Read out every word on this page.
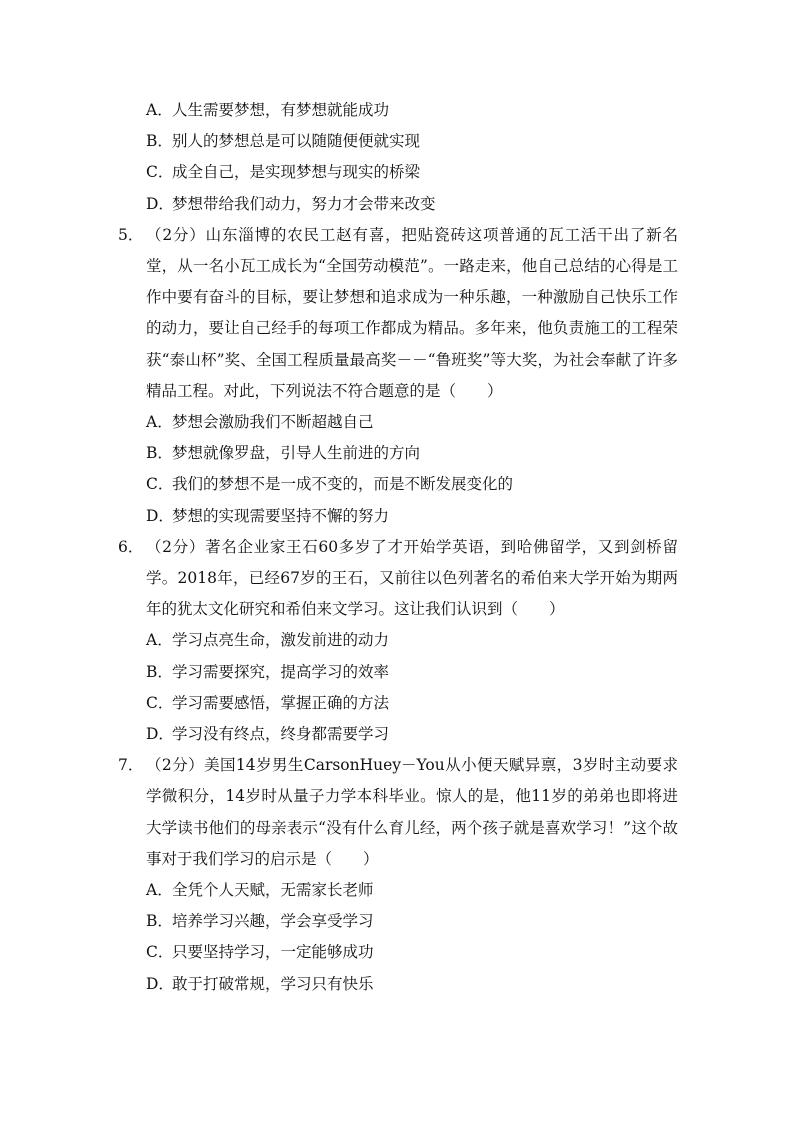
A．人生需要梦想，有梦想就能成功
B．别人的梦想总是可以随随便便就实现
C．成全自己，是实现梦想与现实的桥梁
D．梦想带给我们动力，努力才会带来改变

5． （2分）山东淄博的农民工赵有喜，把贴瓷砖这项普通的瓦工活干出了新名堂，从一名小瓦工成长为“全国劳动模范”。一路走来，他自己总结的心得是工作中要有奋斗的目标，要让梦想和追求成为一种乐趣，一种激励自己快乐工作的动力，要让自己经手的每项工作都成为精品。多年来，他负责施工的工程荣获“泰山杯”奖、全国工程质量最高奖－－“鲁班奖”等大奖，为社会奉献了许多精品工程。对此，下列说法不符合题意的是（　　）

A．梦想会激励我们不断超越自己
B．梦想就像罗盘，引导人生前进的方向
C．我们的梦想不是一成不变的，而是不断发展变化的
D．梦想的实现需要坚持不懈的努力

6． （2分）著名企业家王石60多岁了才开始学英语，到哈佛留学，又到剑桥留学。2018年，已经67岁的王石，又前往以色列著名的希伯来大学开始为期两年的犹太文化研究和希伯来文学习。这让我们认识到（　　）

A．学习点亮生命，激发前进的动力
B．学习需要探究，提高学习的效率
C．学习需要感悟，掌握正确的方法
D．学习没有终点，终身都需要学习

7． （2分）美国14岁男生CarsonHuey－You从小便天赋异禀，3岁时主动要求学微积分，14岁时从量子力学本科毕业。惊人的是，他11岁的弟弟也即将进大学读书他们的母亲表示“没有什么育儿经，两个孩子就是喜欢学习！”这个故事对于我们学习的启示是（　　）

A．全凭个人天赋，无需家长老师
B．培养学习兴趣，学会享受学习
C．只要坚持学习，一定能够成功
D．敢于打破常规，学习只有快乐
